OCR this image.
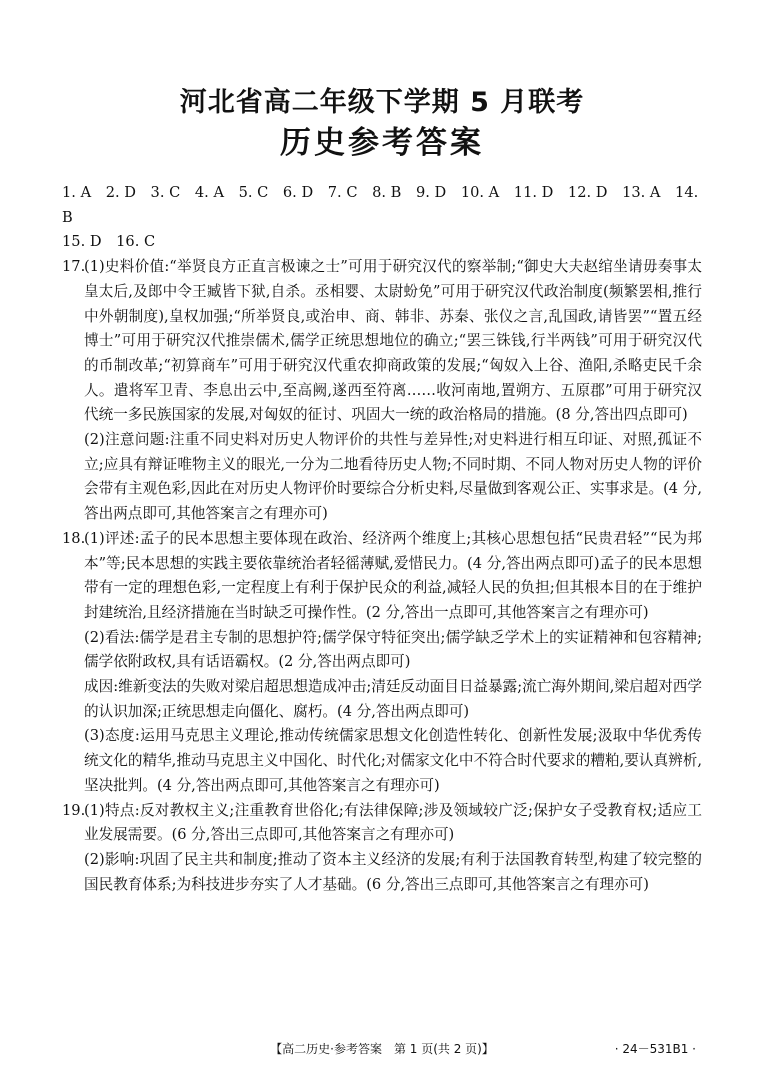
河北省高二年级下学期 5 月联考
历史参考答案
1. A　2. D　3. C　4. A　5. C　6. D　7. C　8. B　9. D　10. A　11. D　12. D　13. A　14. B
15. D　16. C
17.

(1)史料价值:“举贤良方正直言极谏之士”可用于研究汉代的察举制;“御史大夫赵绾坐请毋奏事太皇太后,及郎中令王臧皆下狱,自杀。丞相婴、太尉蚡免”可用于研究汉代政治制度(频繁罢相,推行中外朝制度),皇权加强;“所举贤良,或治申、商、韩非、苏秦、张仪之言,乱国政,请皆罢”“置五经博士”可用于研究汉代推崇儒术,儒学正统思想地位的确立;“罢三铢钱,行半两钱”可用于研究汉代的币制改革;“初算商车”可用于研究汉代重农抑商政策的发展;“匈奴入上谷、渔阳,杀略吏民千余人。遣将军卫青、李息出云中,至高阙,遂西至符离……收河南地,置朔方、五原郡”可用于研究汉代统一多民族国家的发展,对匈奴的征讨、巩固大一统的政治格局的措施。(8 分,答出四点即可)

(2)注意问题:注重不同史料对历史人物评价的共性与差异性;对史料进行相互印证、对照,孤证不立;应具有辩证唯物主义的眼光,一分为二地看待历史人物;不同时期、不同人物对历史人物的评价会带有主观色彩,因此在对历史人物评价时要综合分析史料,尽量做到客观公正、实事求是。(4 分,答出两点即可,其他答案言之有理亦可)

18.

(1)评述:孟子的民本思想主要体现在政治、经济两个维度上;其核心思想包括“民贵君轻”“民为邦本”等;民本思想的实践主要依靠统治者轻徭薄赋,爱惜民力。(4 分,答出两点即可)孟子的民本思想带有一定的理想色彩,一定程度上有利于保护民众的利益,减轻人民的负担;但其根本目的在于维护封建统治,且经济措施在当时缺乏可操作性。(2 分,答出一点即可,其他答案言之有理亦可)

(2)看法:儒学是君主专制的思想护符;儒学保守特征突出;儒学缺乏学术上的实证精神和包容精神;儒学依附政权,具有话语霸权。(2 分,答出两点即可)

成因:维新变法的失败对梁启超思想造成冲击;清廷反动面目日益暴露;流亡海外期间,梁启超对西学的认识加深;正统思想走向僵化、腐朽。(4 分,答出两点即可)

(3)态度:运用马克思主义理论,推动传统儒家思想文化创造性转化、创新性发展;汲取中华优秀传统文化的精华,推动马克思主义中国化、时代化;对儒家文化中不符合时代要求的糟粕,要认真辨析,坚决批判。(4 分,答出两点即可,其他答案言之有理亦可)

19.

(1)特点:反对教权主义;注重教育世俗化;有法律保障;涉及领域较广泛;保护女子受教育权;适应工业发展需要。(6 分,答出三点即可,其他答案言之有理亦可)

(2)影响:巩固了民主共和制度;推动了资本主义经济的发展;有利于法国教育转型,构建了较完整的国民教育体系;为科技进步夯实了人才基础。(6 分,答出三点即可,其他答案言之有理亦可)

【高二历史·参考答案　第 1 页(共 2 页)】	· 24－531B1 ·
